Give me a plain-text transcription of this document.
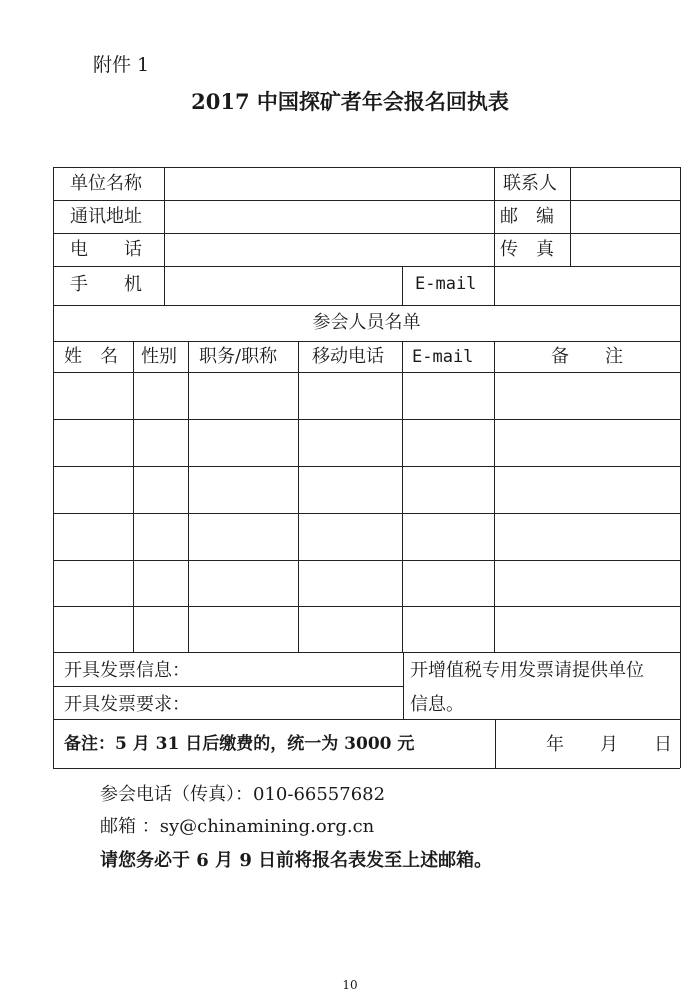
附件 1
2017 中国探矿者年会报名回执表
单位名称	联系人
通讯地址	邮　编
电　　话	传　真
手　　机	E-mail
参会人员名单
姓　名 性别 职务/职称 移动电话 E-mail	备　　注
开具发票信息：
开具发票要求：
开增值税专用发票请提供单位
信息。
备注：5 月 31 日后缴费的，统一为 3000 元	年　　月　　日
参会电话（传真）：010-66557682
邮箱 ：sy@chinamining.org.cn
请您务必于 6 月 9 日前将报名表发至上述邮箱。
10
